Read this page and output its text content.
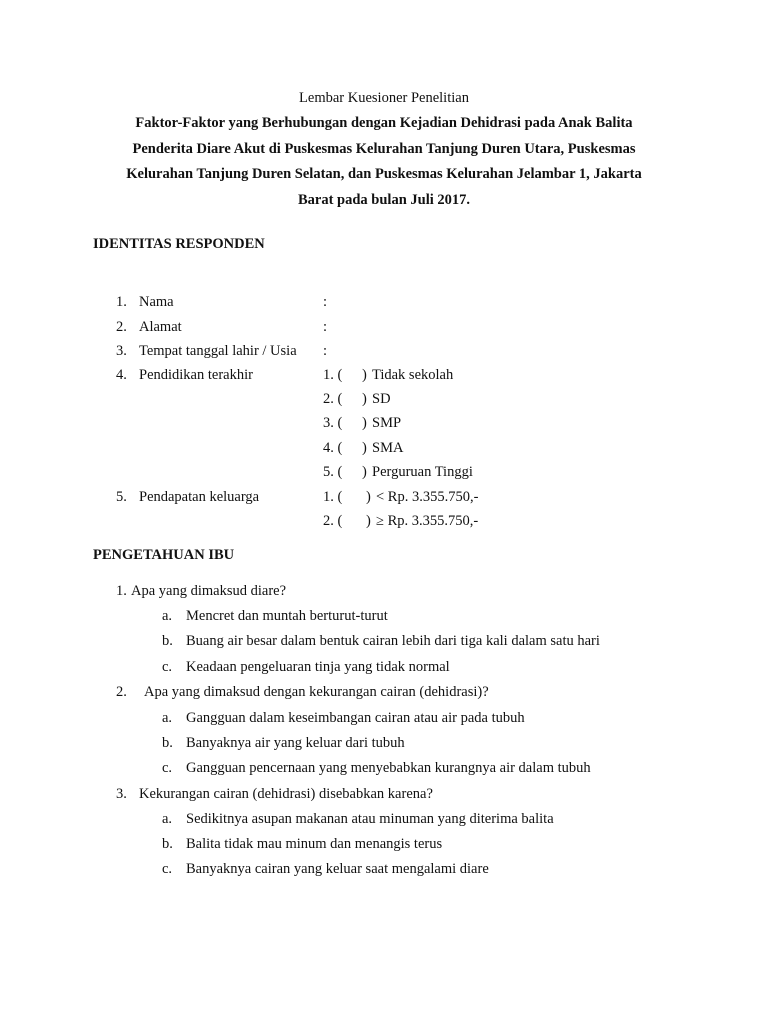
Lembar Kuesioner Penelitian
Faktor-Faktor yang Berhubungan dengan Kejadian Dehidrasi pada Anak Balita
Penderita Diare Akut di Puskesmas Kelurahan Tanjung Duren Utara, Puskesmas
Kelurahan Tanjung Duren Selatan, dan Puskesmas Kelurahan Jelambar 1, Jakarta
Barat pada bulan Juli 2017.
IDENTITAS RESPONDEN
1. Nama	:
2. Alamat	:
3. Tempat tanggal lahir / Usia :
4. Pendidikan terakhir	1. ( ) Tidak sekolah
2. ( ) SD
3. ( ) SMP
4. ( ) SMA
5. ( ) Perguruan Tinggi
5. Pendapatan keluarga	1. ( ) < Rp. 3.355.750,-
2. ( ) ≥ Rp. 3.355.750,-
PENGETAHUAN IBU
1. Apa yang dimaksud diare?
a. Mencret dan muntah berturut-turut
b. Buang air besar dalam bentuk cairan lebih dari tiga kali dalam satu hari
c. Keadaan pengeluaran tinja yang tidak normal
2. Apa yang dimaksud dengan kekurangan cairan (dehidrasi)?
a. Gangguan dalam keseimbangan cairan atau air pada tubuh
b. Banyaknya air yang keluar dari tubuh
c. Gangguan pencernaan yang menyebabkan kurangnya air dalam tubuh
3. Kekurangan cairan (dehidrasi) disebabkan karena?
a. Sedikitnya asupan makanan atau minuman yang diterima balita
b. Balita tidak mau minum dan menangis terus
c. Banyaknya cairan yang keluar saat mengalami diare
